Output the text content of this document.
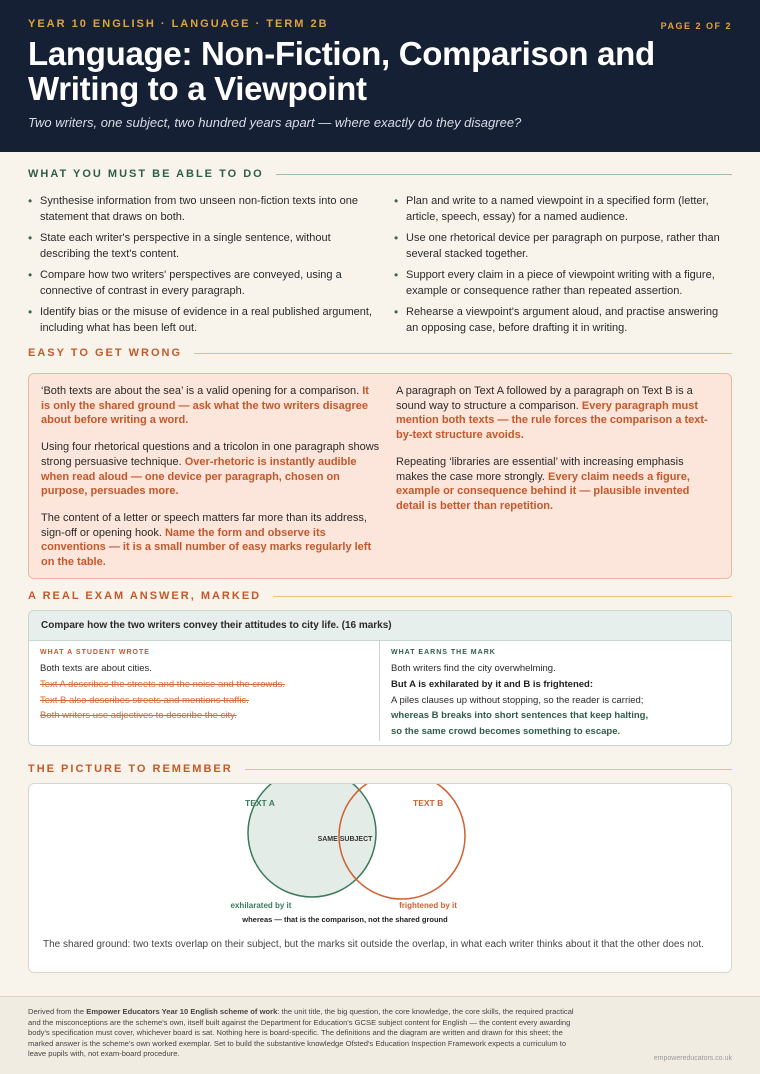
YEAR 10 ENGLISH · LANGUAGE · TERM 2B	PAGE 2 OF 2
Language: Non-Fiction, Comparison and
Writing to a Viewpoint
Two writers, one subject, two hundred years apart — where exactly do they disagree?
WHAT YOU MUST BE ABLE TO DO
• Synthesise information from two unseen non-fiction texts into one statement that draws on both.
• State each writer's perspective in a single sentence, without describing the text's content.
• Compare how two writers' perspectives are conveyed, using a connective of contrast in every paragraph.
• Identify bias or the misuse of evidence in a real published argument, including what has been left out.
• Plan and write to a named viewpoint in a specified form (letter, article, speech, essay) for a named audience.
• Use one rhetorical device per paragraph on purpose, rather than several stacked together.
• Support every claim in a piece of viewpoint writing with a figure, example or consequence rather than repeated assertion.
• Rehearse a viewpoint's argument aloud, and practise answering an opposing case, before drafting it in writing.
EASY TO GET WRONG

‘Both texts are about the sea’ is a valid opening for a comparison. It is only the shared ground — ask what the two writers disagree about before writing a word.

Using four rhetorical questions and a tricolon in one paragraph shows strong persuasive technique. Over-rhetoric is instantly audible when read aloud — one device per paragraph, chosen on purpose, persuades more.

The content of a letter or speech matters far more than its address, sign-off or opening hook. Name the form and observe its conventions — it is a small number of easy marks regularly left on the table.

A paragraph on Text A followed by a paragraph on Text B is a sound way to structure a comparison. Every paragraph must mention both texts — the rule forces the comparison a text-by-text structure avoids.

Repeating ‘libraries are essential’ with increasing emphasis makes the case more strongly. Every claim needs a figure, example or consequence behind it — plausible invented detail is better than repetition.

A REAL EXAM ANSWER, MARKED
Compare how the two writers convey their attitudes to city life. (16 marks)
WHAT A STUDENT WROTE
Both texts are about cities.
Text A describes the streets and the noise and the crowds.
Text B also describes streets and mentions traffic.
Both writers use adjectives to describe the city.
WHAT EARNS THE MARK
Both writers find the city overwhelming.
But A is exhilarated by it and B is frightened:
A piles clauses up without stopping, so the reader is carried;
whereas B breaks into short sentences that keep halting,
so the same crowd becomes something to escape.
THE PICTURE TO REMEMBER
TEXT A	TEXT B
SAME SUBJECT
exhilarated by it	frightened by it
whereas — that is the comparison, not the shared ground
The shared ground: two texts overlap on their subject, but the marks sit outside the overlap, in what each writer thinks about it that the other does not.

Derived from the Empower Educators Year 10 English scheme of work: the unit title, the big question, the core knowledge, the core skills, the required practical and the misconceptions are the scheme's own, itself built against the Department for Education's GCSE subject content for English — the content every awarding body's specification must cover, whichever board is sat. Nothing here is board-specific. The definitions and the diagram are written and drawn for this sheet; the marked answer is the scheme's own worked exemplar. Set to build the substantive knowledge Ofsted's Education Inspection Framework expects a curriculum to leave pupils with, not exam-board procedure.

empowereducators.co.uk
